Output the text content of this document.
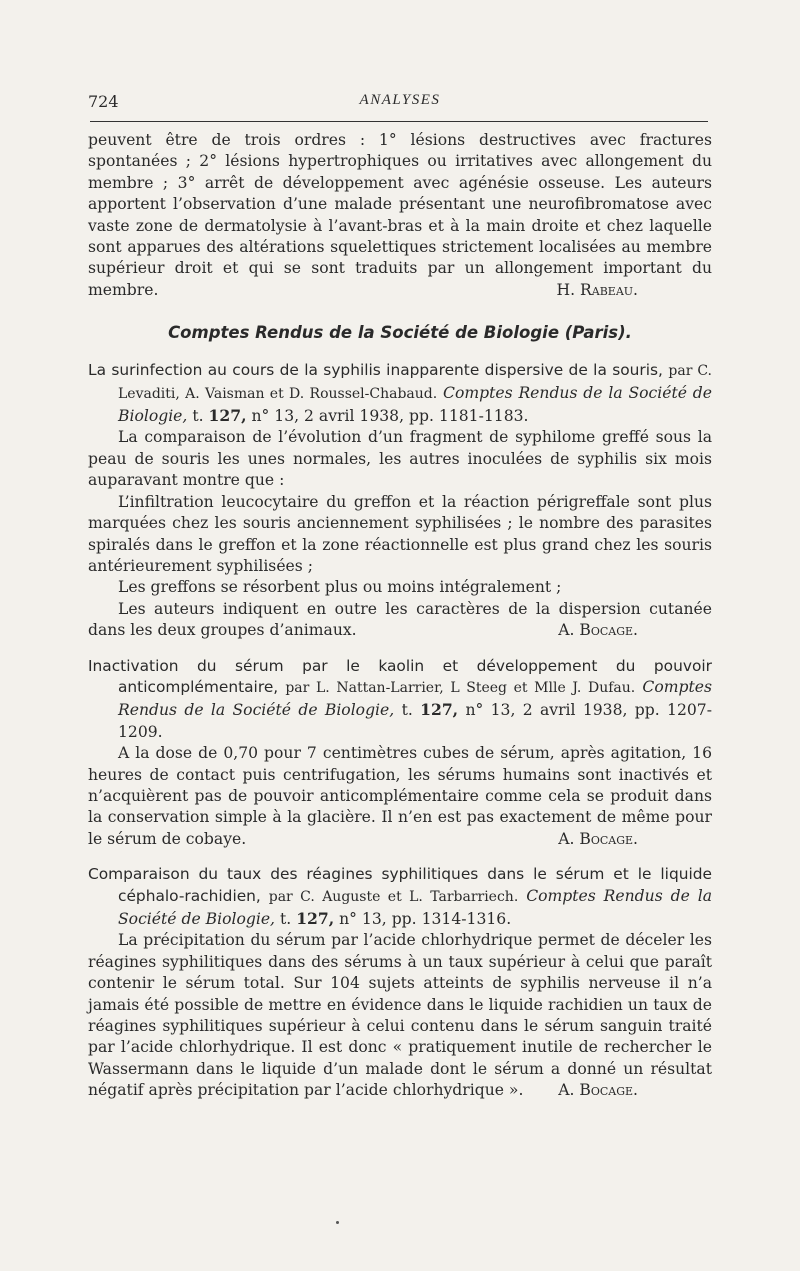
724	ANALYSES

peuvent être de trois ordres : 1° lésions destructives avec fractures spontanées ; 2° lésions hypertrophiques ou irritatives avec allongement du membre ; 3° arrêt de développement avec agénésie osseuse. Les auteurs apportent l’observation d’une malade présentant une neurofibromatose avec vaste zone de dermatolysie à l’avant-bras et à la main droite et chez laquelle sont apparues des altérations squelettiques strictement localisées au membre supérieur droit et qui se sont traduits par un allongement important du membre.	H. Rabeau.

Comptes Rendus de la Société de Biologie (Paris).
La surinfection au cours de la syphilis inapparente dispersive de la souris, par C. Levaditi, A. Vaisman et D. Roussel-Chabaud. Comptes Rendus de la Société de Biologie, t. 127, n° 13, 2 avril 1938, pp. 1181-1183.

La comparaison de l’évolution d’un fragment de syphilome greffé sous la peau de souris les unes normales, les autres inoculées de syphilis six mois auparavant montre que :

L’infiltration leucocytaire du greffon et la réaction périgreffale sont plus marquées chez les souris anciennement syphilisées ; le nombre des parasites spiralés dans le greffon et la zone réactionnelle est plus grand chez les souris antérieurement syphilisées ;

Les greffons se résorbent plus ou moins intégralement ;

Les auteurs indiquent en outre les caractères de la dispersion cutanée dans les deux groupes d’animaux.	A. Bocage.

Inactivation du sérum par le kaolin et développement du pouvoir anticomplémentaire, par L. Nattan-Larrier, L Steeg et Mlle J. Dufau. Comptes Rendus de la Société de Biologie, t. 127, n° 13, 2 avril 1938, pp. 1207-1209.

A la dose de 0,70 pour 7 centimètres cubes de sérum, après agitation, 16 heures de contact puis centrifugation, les sérums humains sont inactivés et n’acquièrent pas de pouvoir anticomplémentaire comme cela se produit dans la conservation simple à la glacière. Il n’en est pas exactement de même pour le sérum de cobaye.	A. Bocage.

Comparaison du taux des réagines syphilitiques dans le sérum et le liquide céphalo-rachidien, par C. Auguste et L. Tarbarriech. Comptes Rendus de la Société de Biologie, t. 127, n° 13, pp. 1314-1316.

La précipitation du sérum par l’acide chlorhydrique permet de déceler les réagines syphilitiques dans des sérums à un taux supérieur à celui que paraît contenir le sérum total. Sur 104 sujets atteints de syphilis nerveuse il n’a jamais été possible de mettre en évidence dans le liquide rachidien un taux de réagines syphilitiques supérieur à celui contenu dans le sérum sanguin traité par l’acide chlorhydrique. Il est donc « pratiquement inutile de rechercher le Wassermann dans le liquide d’un malade dont le sérum a donné un résultat négatif après précipitation par l’acide chlorhydrique ».	A. Bocage.
